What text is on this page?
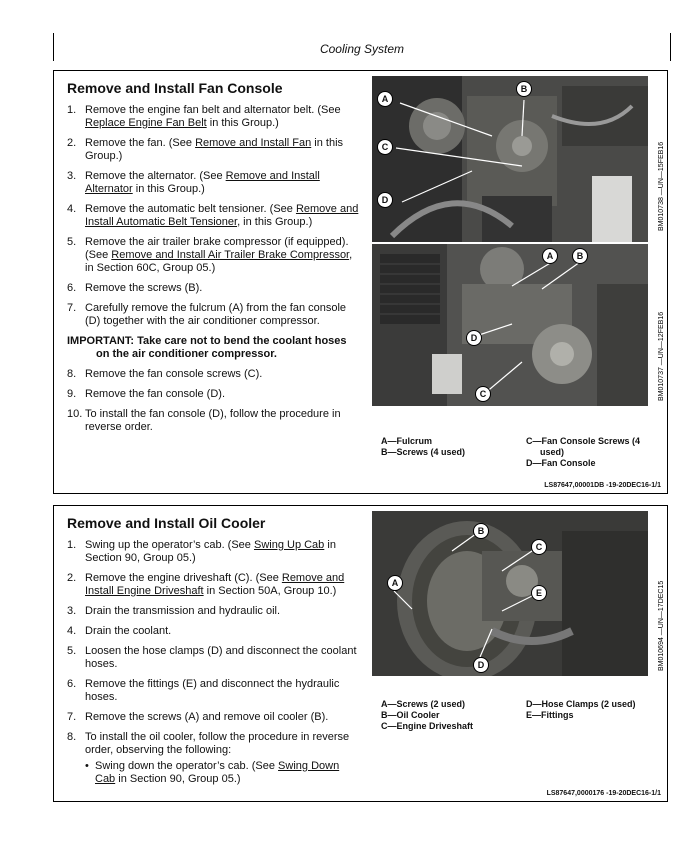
Cooling System
Remove and Install Fan Console
1. Remove the engine fan belt and alternator belt. (See Replace Engine Fan Belt in this Group.)
2. Remove the fan. (See Remove and Install Fan in this Group.)
3. Remove the alternator. (See Remove and Install Alternator in this Group.)
4. Remove the automatic belt tensioner. (See Remove and Install Automatic Belt Tensioner, in this Group.)
5. Remove the air trailer brake compressor (if equipped). (See Remove and Install Air Trailer Brake Compressor, in Section 60C, Group 05.)
6. Remove the screws (B).
7. Carefully remove the fulcrum (A) from the fan console (D) together with the air conditioner compressor.
IMPORTANT: Take care not to bend the coolant hoses
on the air conditioner compressor.
8. Remove the fan console screws (C).
9. Remove the fan console (D).
10. To install the fan console (D), follow the procedure in reverse order.
A
B
C
D
A	B
D
C
BM010738 —UN—15FEB16
BM010737 —UN—12FEB16
A—Fulcrum
B—Screws (4 used)
C—Fan Console Screws (4
used)
D—Fan Console
LS87647,00001DB -19-20DEC16-1/1
Remove and Install Oil Cooler
1. Swing up the operator’s cab. (See Swing Up Cab in Section 90, Group 05.)
2. Remove the engine driveshaft (C). (See Remove and Install Engine Driveshaft in Section 50A, Group 10.)
3. Drain the transmission and hydraulic oil.
4. Drain the coolant.
5. Loosen the hose clamps (D) and disconnect the coolant hoses.
6. Remove the fittings (E) and disconnect the hydraulic hoses.
7. Remove the screws (A) and remove oil cooler (B).
8. To install the oil cooler, follow the procedure in reverse order, observing the following:
• Swing down the operator’s cab. (See Swing Down Cab in Section 90, Group 05.)
B
C
A
E
D	BM010694 —UN—17DEC15
A—Screws (2 used)
B—Oil Cooler
C—Engine Driveshaft
D—Hose Clamps (2 used)
E—Fittings
LS87647,0000176 -19-20DEC16-1/1
